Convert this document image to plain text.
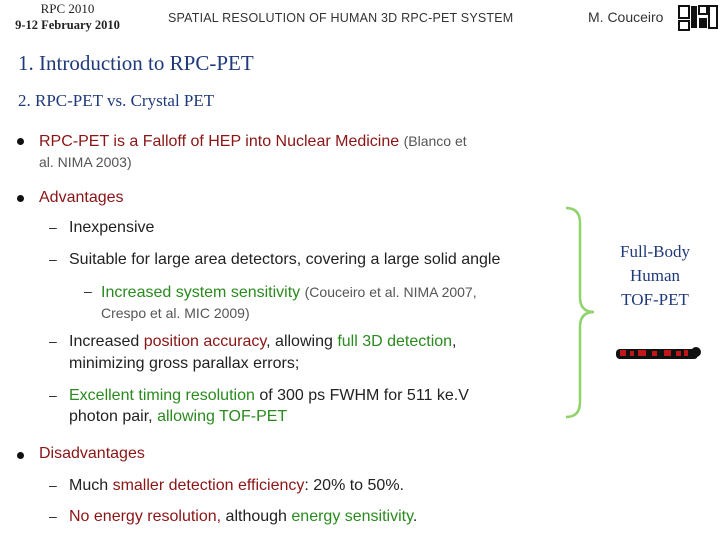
RPC 2010
9-12 February 2010	SPATIAL RESOLUTION OF HUMAN 3D RPC-PET SYSTEM	M. Couceiro
1. Introduction to RPC-PET
2. RPC-PET vs. Crystal PET
RPC-PET is a Falloff of HEP into Nuclear Medicine (Blanco et
al. NIMA 2003)
Advantages
– Inexpensive
– Suitable for large area detectors, covering a large solid angle
– Increased system sensitivity (Couceiro et al. NIMA 2007,
Crespo et al. MIC 2009)
– Increased position accuracy, allowing full 3D detection,
minimizing gross parallax errors;
– Excellent timing resolution of 300 ps FWHM for 511 ke.V
photon pair, allowing TOF-PET
Disadvantages
– Much smaller detection efficiency: 20% to 50%.
– No energy resolution, although energy sensitivity.
Full-Body
Human
TOF-PET
